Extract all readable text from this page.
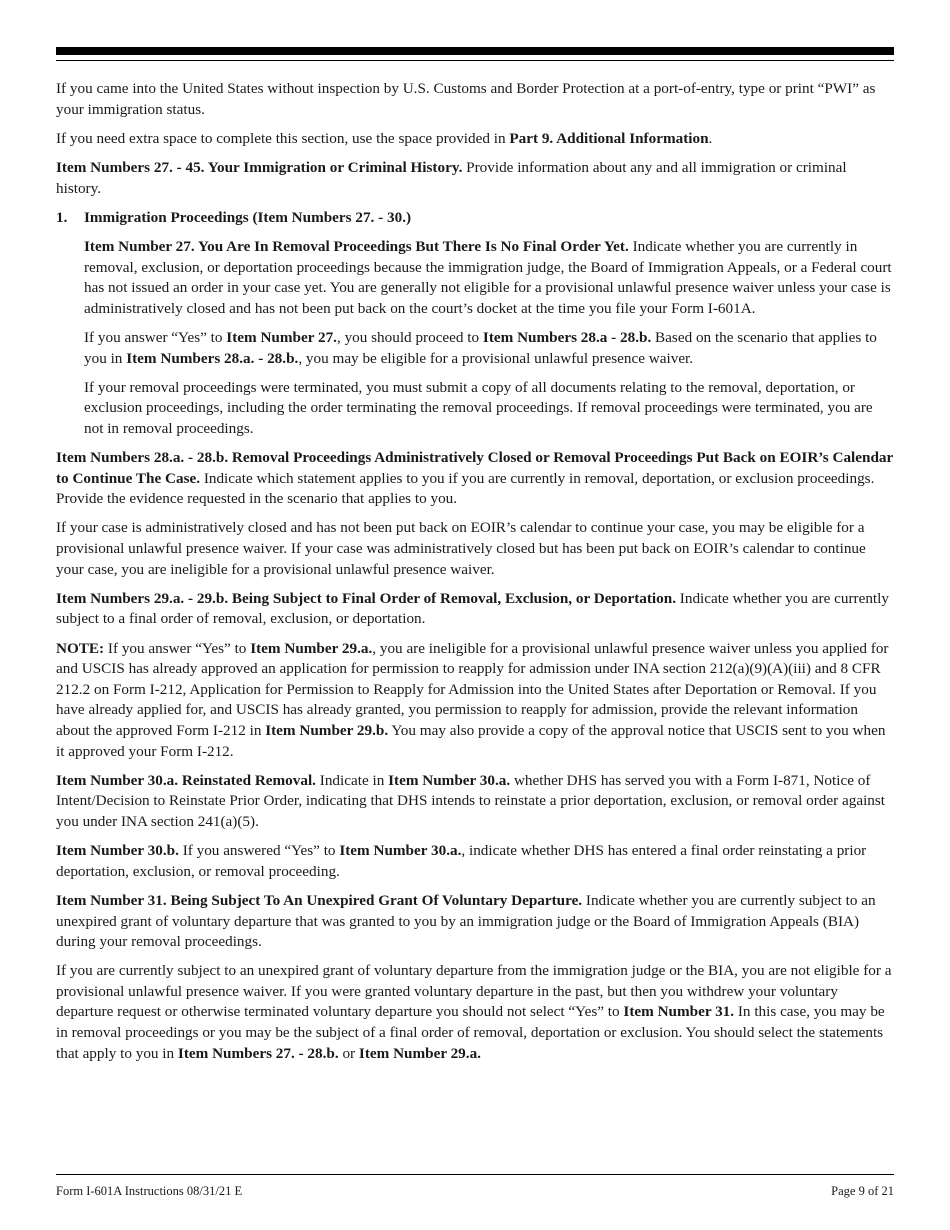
If you came into the United States without inspection by U.S. Customs and Border Protection at a port-of-entry, type or print “PWI” as your immigration status.

If you need extra space to complete this section, use the space provided in Part 9. Additional Information.

Item Numbers 27. - 45. Your Immigration or Criminal History. Provide information about any and all immigration or criminal history.

1. Immigration Proceedings (Item Numbers 27. - 30.)

Item Number 27. You Are In Removal Proceedings But There Is No Final Order Yet. Indicate whether you are currently in removal, exclusion, or deportation proceedings because the immigration judge, the Board of Immigration Appeals, or a Federal court has not issued an order in your case yet. You are generally not eligible for a provisional unlawful presence waiver unless your case is administratively closed and has not been put back on the court’s docket at the time you file your Form I-601A.

If you answer “Yes” to Item Number 27., you should proceed to Item Numbers 28.a - 28.b. Based on the scenario that applies to you in Item Numbers 28.a. - 28.b., you may be eligible for a provisional unlawful presence waiver.

If your removal proceedings were terminated, you must submit a copy of all documents relating to the removal, deportation, or exclusion proceedings, including the order terminating the removal proceedings. If removal proceedings were terminated, you are not in removal proceedings.

Item Numbers 28.a. - 28.b. Removal Proceedings Administratively Closed or Removal Proceedings Put Back on EOIR’s Calendar to Continue The Case. Indicate which statement applies to you if you are currently in removal, deportation, or exclusion proceedings. Provide the evidence requested in the scenario that applies to you.

If your case is administratively closed and has not been put back on EOIR’s calendar to continue your case, you may be eligible for a provisional unlawful presence waiver. If your case was administratively closed but has been put back on EOIR’s calendar to continue your case, you are ineligible for a provisional unlawful presence waiver.

Item Numbers 29.a. - 29.b. Being Subject to Final Order of Removal, Exclusion, or Deportation. Indicate whether you are currently subject to a final order of removal, exclusion, or deportation.

NOTE: If you answer “Yes” to Item Number 29.a., you are ineligible for a provisional unlawful presence waiver unless you applied for and USCIS has already approved an application for permission to reapply for admission under INA section 212(a)(9)(A)(iii) and 8 CFR 212.2 on Form I-212, Application for Permission to Reapply for Admission into the United States after Deportation or Removal. If you have already applied for, and USCIS has already granted, you permission to reapply for admission, provide the relevant information about the approved Form I-212 in Item Number 29.b. You may also provide a copy of the approval notice that USCIS sent to you when it approved your Form I-212.

Item Number 30.a. Reinstated Removal. Indicate in Item Number 30.a. whether DHS has served you with a Form I-871, Notice of Intent/Decision to Reinstate Prior Order, indicating that DHS intends to reinstate a prior deportation, exclusion, or removal order against you under INA section 241(a)(5).

Item Number 30.b. If you answered “Yes” to Item Number 30.a., indicate whether DHS has entered a final order reinstating a prior deportation, exclusion, or removal proceeding.

Item Number 31. Being Subject To An Unexpired Grant Of Voluntary Departure. Indicate whether you are currently subject to an unexpired grant of voluntary departure that was granted to you by an immigration judge or the Board of Immigration Appeals (BIA) during your removal proceedings.

If you are currently subject to an unexpired grant of voluntary departure from the immigration judge or the BIA, you are not eligible for a provisional unlawful presence waiver. If you were granted voluntary departure in the past, but then you withdrew your voluntary departure request or otherwise terminated voluntary departure you should not select “Yes” to Item Number 31. In this case, you may be in removal proceedings or you may be the subject of a final order of removal, deportation or exclusion. You should select the statements that apply to you in Item Numbers 27. - 28.b. or Item Number 29.a.

Form I-601A Instructions 08/31/21 E	Page 9 of 21
